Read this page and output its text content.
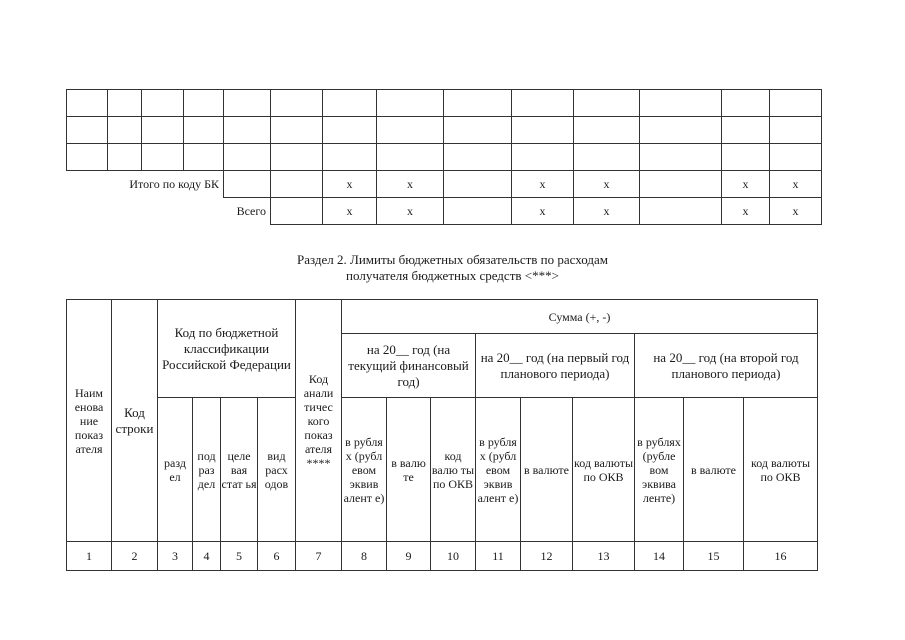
Итого по коду БК						x	x		x	x		x	x
Всего						x	x		x	x		x	x
Раздел 2. Лимиты бюджетных обязательств по расходам
получателя бюджетных средств <***>
Наим енова ние показ ателя	Код строки	Код по бюджетной классификации Российской Федерации				Код анали тичес кого показ ателя ****	Сумма (+, -)								
							на 20__ год (на текущий финансовый год)			на 20__ год (на первый год планового периода)			на 20__ год (на второй год планового периода)		
		разд ел	под раз дел	целе вая стат ья	вид расх одов		в рубля х (рубл евом эквив алент е)	в валю те	код валю ты по ОКВ	в рубля х (рубл евом эквив алент е)	в валюте	код валюты по ОКВ	в рублях (рубле вом эквива ленте)	в валюте	код валюты по ОКВ
1	2	3	4	5	6	7	8	9	10	11	12	13	14	15	16
